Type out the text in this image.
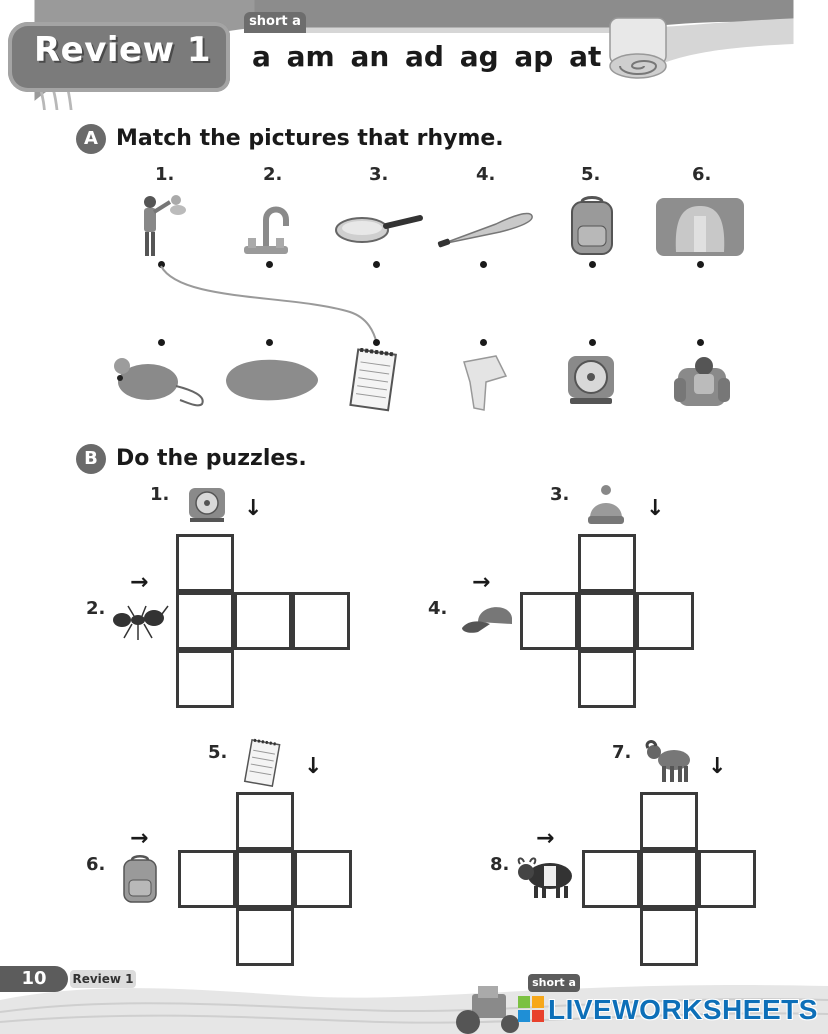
Review 1
short a
a am an ad ag ap at
A Match the pictures that rhyme.
1.	2.	3.	4.	5.	6.
B Do the puzzles.
1.
↓
→
2.
3.
↓
→
4.
5.
↓
→
6.
7.
↓
→
8.
10	Review 1	short a
LIVEWORKSHEETS
